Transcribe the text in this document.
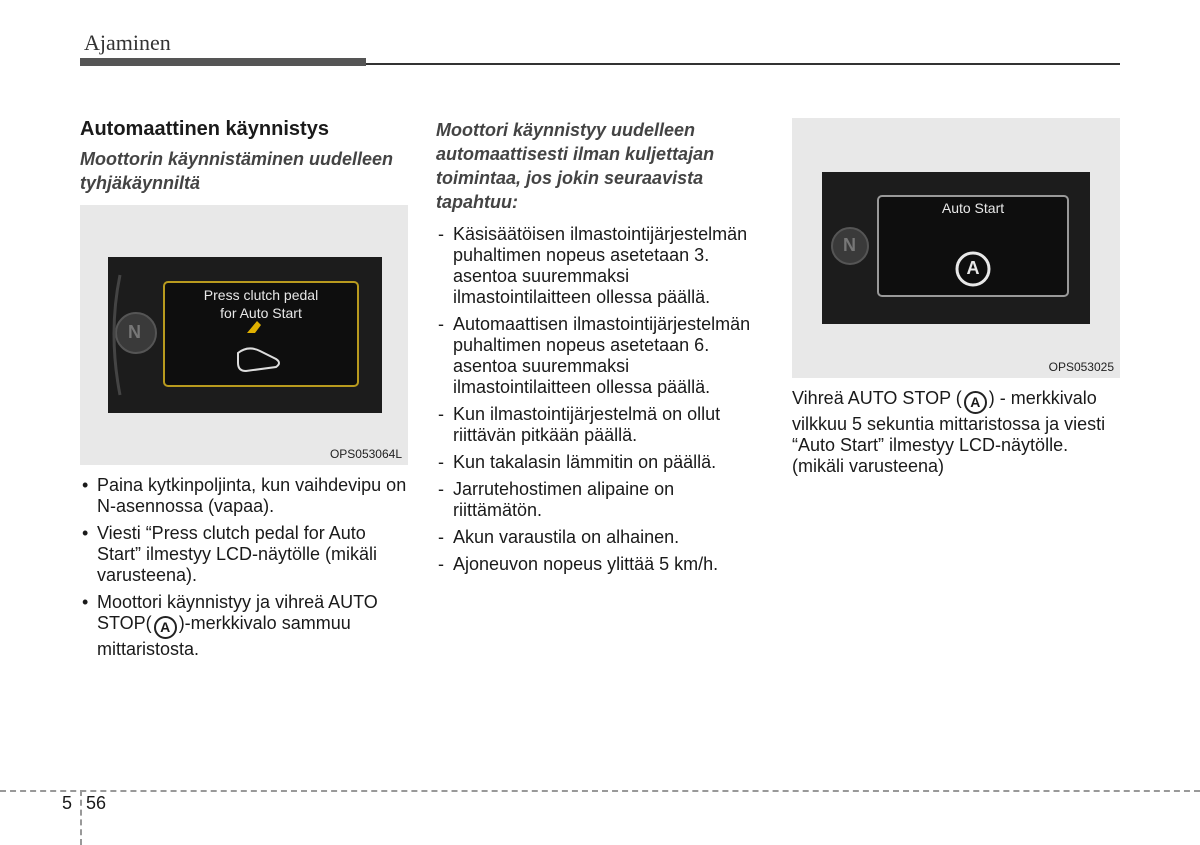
Ajaminen
Automaattinen käynnistys
Moottorin käynnistäminen uudelleen tyhjäkäynniltä
Press clutch pedal
for Auto Start
N
OPS053064L
• Paina kytkinpoljinta, kun vaihdevipu on N-asennossa (vapaa).
• Viesti “Press clutch pedal for Auto Start” ilmestyy LCD-näytölle (mikäli varusteena).
• Moottori käynnistyy ja vihreä AUTO STOP( A )-merkkivalo sammuu mittaristosta.
Moottori käynnistyy uudelleen automaattisesti ilman kuljettajan toimintaa, jos jokin seuraavista tapahtuu:
- Käsisäätöisen ilmastointijärjestelmän puhaltimen nopeus asetetaan 3. asentoa suuremmaksi ilmastointilaitteen ollessa päällä.
- Automaattisen ilmastointijärjestelmän puhaltimen nopeus asetetaan 6. asentoa suuremmaksi ilmastointilaitteen ollessa päällä.
- Kun ilmastointijärjestelmä on ollut riittävän pitkään päällä.
- Kun takalasin lämmitin on päällä.
- Jarrutehostimen alipaine on riittämätön.
- Akun varaustila on alhainen.
- Ajoneuvon nopeus ylittää 5 km/h.
Auto Start
A
N
OPS053025

Vihreä AUTO STOP ( A ) - merkkivalo vilkkuu 5 sekuntia mittaristossa ja viesti “Auto Start” ilmestyy LCD-näytölle. (mikäli varusteena)

5 56
